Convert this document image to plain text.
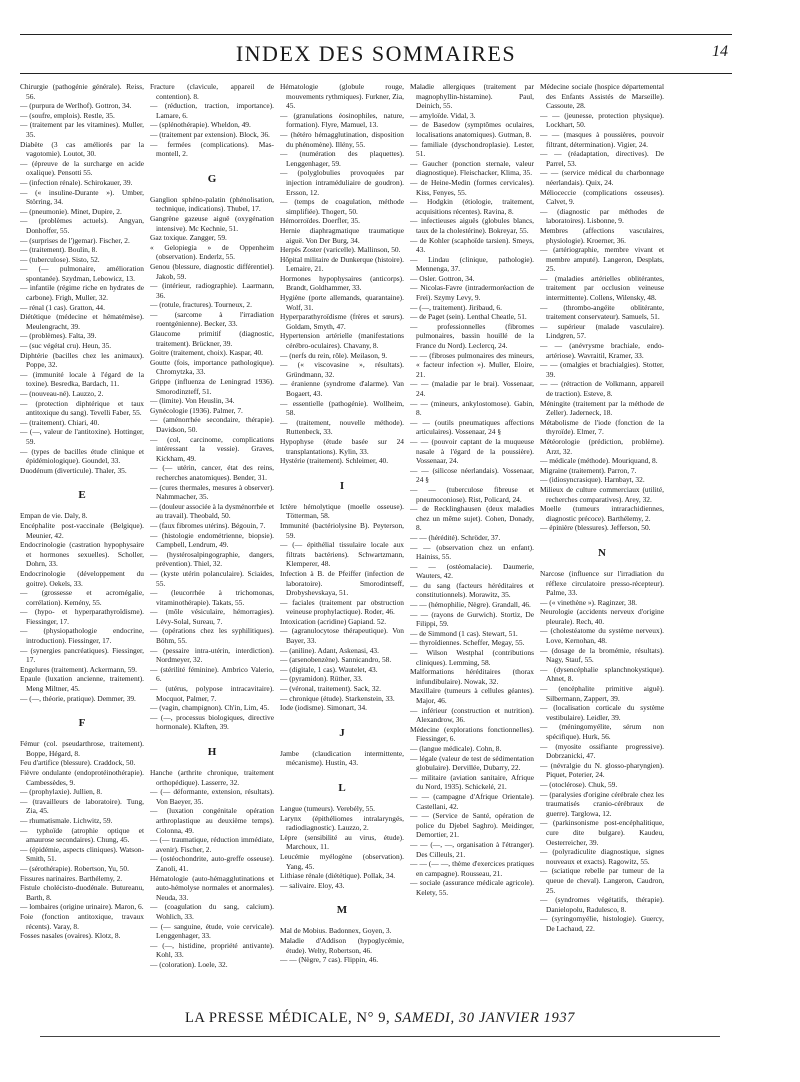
INDEX DES SOMMAIRES	14

Chirurgie (pathogénie générale). Reiss, 56.

— (purpura de Werlhof). Gottron, 34.

— (soufre, emplois). Restle, 35.

— (traitement par les vitamines). Muller, 35.

Diabète (3 cas améliorés par la vagotomie). Loutot, 30.

— (épreuve de la surcharge en acide oxalique). Pensotti 55.

— (infection rénale). Schirokauer, 39.

— (« insuline-Durante »). Umber, Störring, 34.

— (pneumonie). Minet, Dupire, 2.

— (problèmes actuels). Angyan, Donhoffer, 55.

— (surprises de l')gemar). Fischer, 2.

— (traitement). Boulin, 8.

— (tuberculose). Sisto, 52.

— (— pulmonaire, amélioration spontanée). Szydman, Lebowicz, 13.

— infantile (régime riche en hydrates de carbone). Frigh, Muller, 32.

— rénal (1 cas). Gratton, 44.

Diététique (médecine et hématémèse). Meulengracht, 39.

— (problèmes). Falta, 39.

— (suc végétal cru). Heun, 35.

Diphtérie (bacilles chez les animaux). Poppe, 32.

— (immunité locale à l'égard de la toxine). Besredka, Bardach, 11.

— (nouveau-né). Lauzzo, 2.

— (protection diphtérique et taux antitoxique du sang). Tevelli Faber, 55.

— (traitement). Chiari, 40.

— (—, valeur de l'antitoxine). Hottinger, 59.

— (types de bacilles étude clinique et épidémiologique). Goundel, 33.

Duodénum (diverticule). Thaler, 35.

E

Empan de vie. Daly, 8.

Encéphalite post-vaccinale (Belgique). Meunier, 42.

Endocrinologie (castration hypophysaire et hormones sexuelles). Scholler, Dohrn, 33.

Endocrinologie (développement du goitre). Oekels, 33.

— (grossesse et acromégalie, corrélation). Kemény, 55.

— (hypo- et hyperparathyroïdisme). Fiessinger, 17.

— (physiopathologie endocrine, introduction). Fiessinger, 17.

— (synergies pancréatiques). Fiessinger, 17.

Engelures (traitement). Ackermann, 59.

Epaule (luxation ancienne, traitement). Meng Miltner, 45.

— (—, théorie, pratique). Demmer, 39.

F

Fémur (col. pseudarthrose, traitement). Boppe, Hégard, 8.

Feu d'artifice (blessure). Craddock, 50.

Fièvre ondulante (endoprotéinothérapie). Cambessèdes, 9.

— (prophylaxie). Jullien, 8.

— (travailleurs de laboratoire). Tung, Zia, 45.

— rhumatismale. Lichwitz, 59.

— typhoïde (atrophie optique et amaurose secondaires). Chung, 45.

— (épidémie, aspects cliniques). Watson-Smith, 51.

— (sérothérapie). Robertson, Yu, 50.

Fissures narinaires. Barthélemy, 2.

Fistule cholécisto-duodénale. Butureanu, Barth, 8.

— lombaires (origine urinaire). Maron, 6.

Foie (fonction antitoxique, travaux récents). Varay, 8.

Fosses nasales (ovaires). Klotz, 8.

Fracture (clavicule, appareil de contention). 8.

— (réduction, traction, importance). Lamare, 6.

— (splénothérapie). Wheldon, 49.

— (traitement par extension). Block, 36.

— fermées (complications). Mas-montell, 2.

G

Ganglion sphéno-palatin (phénolisation, technique, indications). Thubel, 17.

Gangrène gazeuse aiguë (oxygénation intensive). Mc Kechnie, 51.

Gaz toxique. Zangger, 59.

« Gelopiegia » de Oppenheim (observation). Enderlz, 55.

Genou (blessure, diagnostic différentiel). Jakob, 59.

— (intérieur, radiographie). Laarmann, 36.

— (rotule, fractures). Tourneux, 2.

— (sarcome à l'irradiation roentgénienne). Becker, 33.

Glaucome primitif (diagnostic, traitement). Brückner, 39.

Goitre (traitement, choix). Kaspar, 40.

Goutte (fois, importance pathologique). Chromytzka, 33.

Grippe (influenza de Leningrad 1936). Smorodinzteff, 51.

— (limite). Von Heuslin, 34.

Gynécologie (1936). Palmer, 7.

— (aménorrhée secondaire, thérapie). Davidson, 50.

— (col, carcinome, complications intéressant la vessie). Graves, Kickham, 49.

— (— utérin, cancer, état des reins, recherches anatomiques). Bender, 31.

— (cures thermales, mesures à observer). Nahmmacher, 35.

— (douleur associée à la dysménorrhée et au travail). Theobald, 50.

— (faux fibromes utérins). Bégouin, 7.

— (histologie endométrienne, biopsie). Campbell, Lendrum, 49.

— (hystérosalpingographie, dangers, prévention). Thiel, 32.

— (kyste utérin polanculaire). Sciaides, 55.

— (leucorrhée à trichomonas, vitaminothérapie). Takats, 55.

— (môle vésiculaire, hémorragies). Lévy-Solal, Sureau, 7.

— (opérations chez les syphilitiques). Böhm, 55.

— (pessaire intra-utérin, interdiction). Nordmeyer, 32.

— (stérilité féminine). Ambrico Valerio, 6.

— (utérus, polypose intracavitaire). Mocquot, Palmer, 7.

— (vagin, champignon). Ch'in, Lim, 45.

— (—, processus biologiques, directive hormonale). Klaften, 39.

H

Hanche (arthrite chronique, traitement orthopédique). Lasserre, 32.

— (— déformante, extension, résultats). Von Baeyer, 35.

— (luxation congénitale opération arthroplastique au deuxième temps). Colonna, 49.

— (— traumatique, réduction immédiate, avenir). Fischer, 2.

— (ostéochondrite, auto-greffe osseuse). Zanoli, 41.

Hématologie (auto-hémagglutinations et auto-hémolyse normales et anormales). Neuda, 33.

— (coagulation du sang, calcium). Wohlich, 33.

— (— sanguine, étude, voie cervicale). Lenggenhager, 33.

— (—, histidine, propriété antivante). Kohl, 33.

— (coloration). Loele, 32.

Hématologie (globule rouge, mouvements rythmiques). Furkner, Zia, 45.

— (granulations éosinophiles, nature, formation). Flyre, Mamuel, 13.

— (hétéro hémagglutination, disposition du phénomène). Illény, 55.

— (numération des plaquettes). Lenggenhager, 59.

— (polyglobulies provoquées par injection intraméduliaire de goudron). Ersson, 12.

— (temps de coagulation, méthode simplifiée). Thogert, 50.

Hémorroïdes. Doerfler, 35.

Hernie diaphragmatique traumatique aiguë. Von Der Burg, 34.

Herpès Zoster (varicelle). Mallinson, 50.

Hôpital militaire de Dunkerque (histoire). Lemaire, 21.

Hormones hypophysaires (anticorps). Brandt, Goldhammer, 33.

Hygiène (porte allemands, quarantaine). Wolf, 31.

Hyperparathyroïdisme (frères et sœurs). Goldam, Smyth, 47.

Hypertension artérielle (manifestations cérébro-oculaires). Chavany, 8.

— (nerfs du rein, rôle). Meilason, 9.

— (« viscovasine », résultats). Gründmann, 32.

— éranienne (syndrome d'alarme). Van Bogaert, 43.

— essentielle (pathogénie). Wollheim, 58.

— (traitement, nouvelle méthode). Ruttenbeck, 33.

Hypophyse (étude basée sur 24 transplantations). Kylin, 33.

Hystérie (traitement). Schleimer, 40.

I

Ictère hémolytique (moelle osseuse). Tötterman, 58.

Immunité (bactériolysine B). Peyterson, 59.

— (— épithélial tissulaire locale aux filtrats bactériens). Schwartzmann, Klemperer, 48.

Infection à B. de Pfeiffer (infection de laboratoire). Smorodintseff, Drobyshevskaya, 51.

— faciales (traitement par obstruction veineuse prophylactique). Roder, 46.

Intoxication (acridine) Gapiand. 52.

— (agranulocytose thérapeutique). Von Bayer, 33.

— (aniline). Adant, Askenasi, 43.

— (arsenobenzène). Sannicandro, 58.

— (digitale, 1 cas). Wautelet, 43.

— (pyramidon). Rüther, 33.

— (véronal, traitement). Sack, 32.

— chronique (étude). Starkenstein, 33.

Iode (iodisme). Simonart, 34.

J

Jambe (claudication intermittente, mécanisme). Hustin, 43.

L

Langue (tumeurs). Verebély, 55.

Larynx (épithéliomes intralaryngés, radiodiagnostic). Lauzzo, 2.

Lèpre (sensibilité au virus, étude). Marchoux, 11.

Leucémie myélogène (observation). Yang, 45.

Lithiase rénale (diététique). Pollak, 34.

— salivaire. Eloy, 43.

M

Mal de Mobius. Badonnex, Goyen, 3.

Maladie d'Addison (hypoglycémie, étude). Welty, Robertson, 46.

— — (Nègre, 7 cas). Flippin, 46.

Maladie allergiques (traitement par magnophyllin-histamine). Paul, Deinich, 55.

— amyloïde. Vidal, 3.

— de Basedow (symptômes oculaires, localisations anatomiques). Gutman, 8.

— familiale (dyschondroplasie). Lester, 51.

— Gaucher (ponction sternale, valeur diagnostique). Fleischacker, Klima, 35.

— de Heine-Medin (formes cervicales). Kiss, Fenyes, 55.

— Hodgkin (étiologie, traitement, acquisitions récentes). Ravina, 8.

— infectieuses aiguës (globules blancs, taux de la cholestérine). Bokreyar, 55.

— de Kohler (scaphoïde tarsien). Smeys, 43.

— Lindau (clinique, pathologie). Mennenga, 37.

— Osler. Gottron, 34.

— Nicolas-Favre (intradermoréaction de Frei). Szymy Levy, 9.

— (—, traitement). Jiribaud, 6.

— de Paget (sein). Lenthal Cheatle, 51.

— professionnelles (fibromes pulmonaires, bassin houillé de la France du Nord). Leclercq, 24.

— — (fibroses pulmonaires des mineurs, « facteur infection »). Muller, Eloire, 21.

— — (maladie par le brai). Vossenaar, 24.

— — (mineurs, ankylostomose). Gabin, 8.

— — (outils pneumatiques affections articulaires). Vossenaar, 24 §

— — (pouvoir captant de la muqueuse nasale à l'égard de la poussière). Vossenaar, 24.

— — (silicose néerlandais). Vossenaar, 24 §

— — (tuberculose fibreuse et pneumoconiose). Rist, Policard, 24.

— de Recklinghausen (deux maladies chez un même sujet). Cohen, Donady, 8.

— — (hérédité). Schröder, 37.

— — (observation chez un enfant). Hainiss, 55.

— — (ostéomalacie). Daumerie, Wauters, 42.

— du sang (facteurs héréditaires et constitutionnels). Morawitz, 35.

— — (hémophilie, Nègre). Grandall, 46.

— — (rayons de Gurwich). Stortiz, De Filippi, 59.

— de Simmond (1 cas). Stewart, 51.

— thyroïdiennes. Scheffer, Megay, 55.

— Wilson Westphal (contributions cliniques). Lemming, 58.

Malformations héréditaires (thorax infundibulaire). Nowak, 32.

Maxillaire (tumeurs à cellules géantes). Major, 46.

— inférieur (construction et nutrition). Alexandrow, 36.

Médecine (explorations fonctionnelles). Fiessinger, 6.

— (langue médicale). Cohn, 8.

— légale (valeur de test de sédimentation globulaire). Dervillée, Dubarry, 22.

— militaire (aviation sanitaire, Afrique du Nord, 1935). Schickelé, 21.

— — (campagne d'Afrique Orientale). Castellani, 42.

— — (Service de Santé, opération de police du Djebel Saghro). Meidinger, Demortier, 21.

— — (—, —, organisation à l'étranger). Des Cilleuls, 21.

— — (— —, thème d'exercices pratiques en campagne). Rousseau, 21.

— sociale (assurance médicale agricole). Kelety, 55.

Médecine sociale (hospice départemental des Enfants Assistés de Marseille). Cassoute, 28.

— — (jeunesse, protection physique). Lockhart, 50.

— — (masques à poussières, pouvoir filtrant, détermination). Vigier, 24.

— — (réadaptation, directives). De Parrel, 53.

— — (service médical du charbonnage néerlandais). Quix, 24.

Mélioceccie (complications osseuses). Calvet, 9.

— (diagnostic par méthodes de laboratoires). Lisbonne, 9.

Membres (affections vasculaires, physiologie). Kroerner, 36.

— (artériographie, membre vivant et membre amputé). Langeron, Desplats, 25.

— (maladies artérielles oblitérantes, traitement par occlusion veineuse intermittente). Collens, Wilensky, 48.

— (thrombo-angéite oblitérante, traitement conservateur). Samuels, 51.

— supérieur (malade vasculaire). Lindgren, 57.

— — (anévrysme brachiale, endo-artériose). Wavraitil, Kramer, 33.

— — (omalgies et brachialgies). Stotter, 39.

— — (rétraction de Volkmann, appareil de traction). Esteve, 8.

Méningite (traitement par la méthode de Zeller). Jaderneck, 18.

Métabolisme de l'iode (fonction de la thyroïde). Elmer, 7.

Météorologie (prédiction, problème). Arzt, 32.

— médicale (méthode). Mouriquand, 8.

Migraine (traitement). Parron, 7.

— (idiosyncrasique). Harnbayt, 32.

Milieux de culture commerciaux (utilité, recherches comparatives). Arey, 32.

Moelle (tumeurs intrarachidiennes, diagnostic précoce). Barthélemy, 2.

— épinière (blessures). Jefferson, 50.

N

Narcose (influence sur l'irradiation du réflexe circulatoire presso-récepteur). Palme, 33.

— (« vinethène »). Raginzer, 38.

Neurologie (accidents nerveux d'origine pleurale). Rech, 40.

— (cholestéatome du système nerveux). Love, Kernohan, 48.

— (dosage de la bromémie, résultats). Nagy, Stauf, 55.

— (dysencéphalie splanchnokystique). Ahnet, 8.

— (encéphalite primitive aiguë). Silbermann, Zappert, 39.

— (localisation corticale du système vestibulaire). Leidler, 39.

— (méningomyélite, sérum non spécifique). Hurk, 56.

— (myosite ossifiante progressive). Dobrzanicki, 47.

— (névralgie du N. glosso-pharyngien). Piquet, Poterier, 24.

— (otoclérose). Chuk, 59.

— (paralysies d'origine cérébrale chez les traumatisés cranio-cérébraux de guerre). Targlowa, 12.

— (parkinsonisme post-encéphalitique, cure dite bulgare). Kaudeu, Oesterreicher, 39.

— (polyradiculite diagnostique, signes nouveaux et exacts). Ragowitz, 55.

— (sciatique rebelle par tumeur de la queue de cheval). Langeron, Caudron, 25.

— (syndromes végétatifs, thérapie). Danielopolu, Radulesco, 8.

— (syringomyélie, histologie). Guercy, De Lachaud, 22.

LA PRESSE MÉDICALE, N° 9, SAMEDI, 30 JANVIER 1937
